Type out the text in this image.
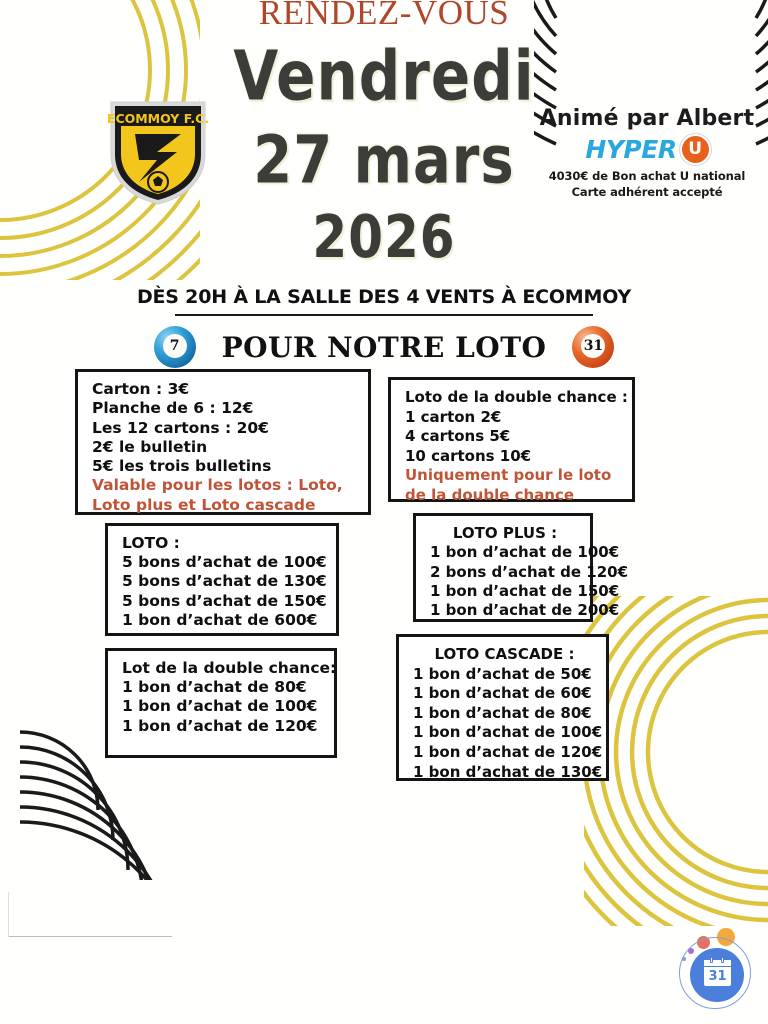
RENDEZ-VOUS
Vendredi
27 mars
2026
ECOMMOY F.C.	Animé par Albert
HYPER U
4030€ de Bon achat U national
Carte adhérent accepté
DÈS 20H À LA SALLE DES 4 VENTS À ECOMMOY
7 POUR NOTRE LOTO	31
Carton : 3€
Planche de 6 : 12€
Les 12 cartons : 20€
2€ le bulletin
5€ les trois bulletins
Valable pour les lotos : Loto, Loto plus et Loto cascade
Loto de la double chance :
1 carton 2€
4 cartons 5€
10 cartons 10€
Uniquement pour le loto de la double chance
LOTO :
5 bons d’achat de 100€
5 bons d’achat de 130€
5 bons d’achat de 150€
1 bon d’achat de 600€
LOTO PLUS :
1 bon d’achat de 100€
2 bons d’achat de 120€
1 bon d’achat de 150€
1 bon d’achat de 200€
Lot de la double chance:
1 bon d’achat de 80€
1 bon d’achat de 100€
1 bon d’achat de 120€
LOTO CASCADE :
1 bon d’achat de 50€
1 bon d’achat de 60€
1 bon d’achat de 80€
1 bon d’achat de 100€
1 bon d’achat de 120€
1 bon d’achat de 130€
31
